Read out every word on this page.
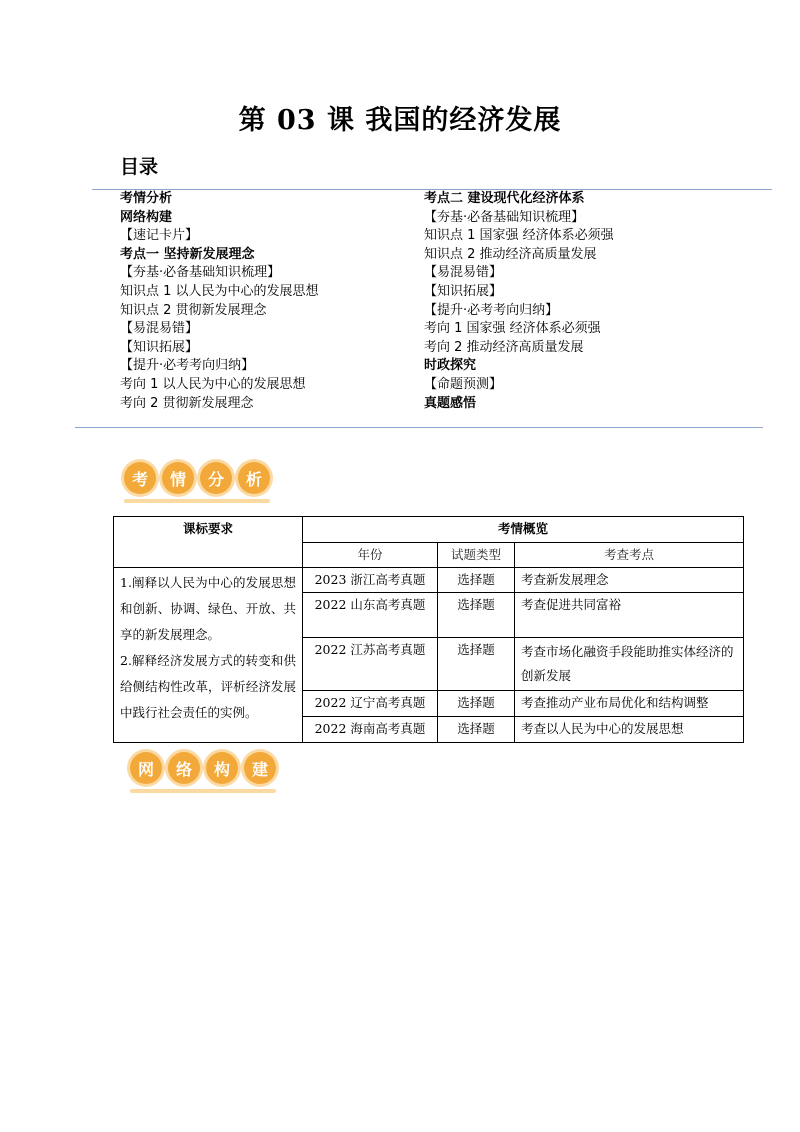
第 03 课 我国的经济发展
目录
考情分析
网络构建
【速记卡片】
考点一 坚持新发展理念
【夯基·必备基础知识梳理】
知识点 1 以人民为中心的发展思想
知识点 2 贯彻新发展理念
【易混易错】
【知识拓展】
【提升·必考考向归纳】
考向 1 以人民为中心的发展思想
考向 2 贯彻新发展理念
考点二 建设现代化经济体系
【夯基·必备基础知识梳理】
知识点 1 国家强 经济体系必须强
知识点 2 推动经济高质量发展
【易混易错】
【知识拓展】
【提升·必考考向归纳】
考向 1 国家强 经济体系必须强
考向 2 推动经济高质量发展
时政探究
【命题预测】
真题感悟
考	情	分	析
课标要求	考情概览		
	年份	试题类型	考查考点

1.阐释以人民为中心的发展思想和创新、协调、绿色、开放、共享的新发展理念。

2.解释经济发展方式的转变和供给侧结构性改革，评析经济发展中践行社会责任的实例。	2023 浙江高考真题	选择题	考查新发展理念
	2022 山东高考真题	选择题	考查促进共同富裕
	2022 江苏高考真题	选择题	考查市场化融资手段能助推实体经济的创新发展
	2022 辽宁高考真题	选择题	考查推动产业布局优化和结构调整
	2022 海南高考真题	选择题	考查以人民为中心的发展思想
网	络	构	建
